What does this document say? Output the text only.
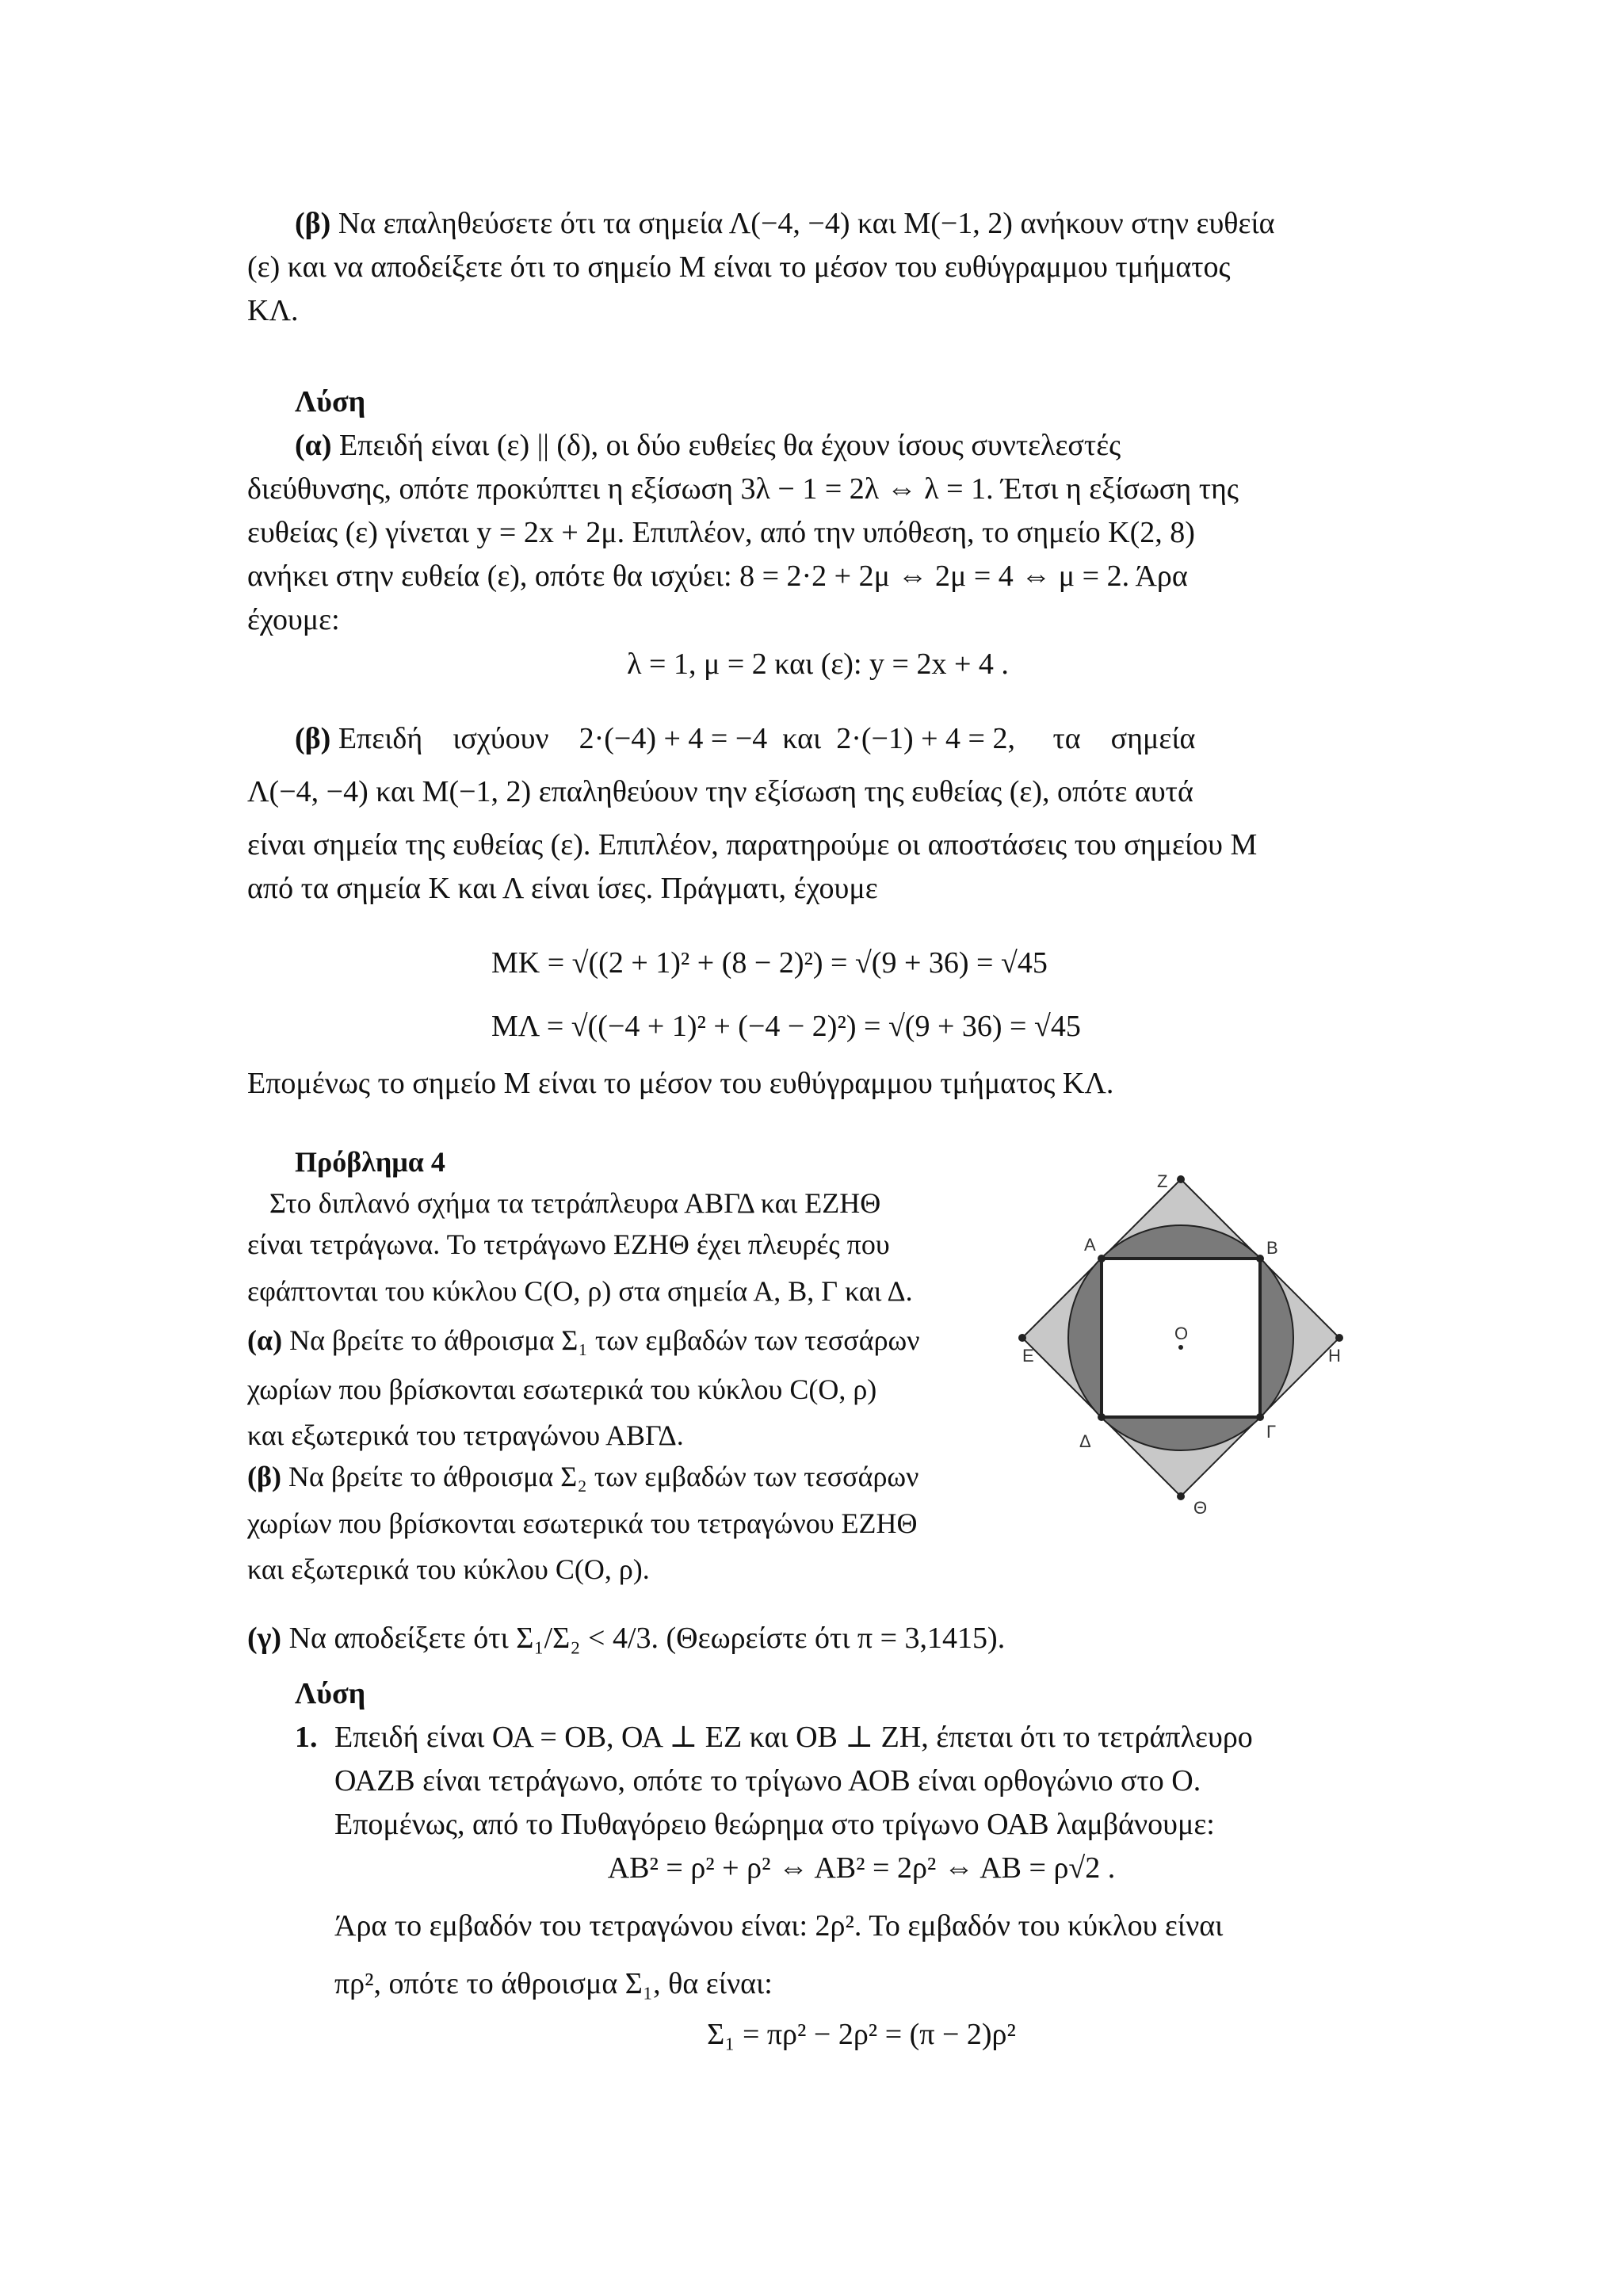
(β) Να επαληθεύσετε ότι τα σημεία Λ(−4, −4) και Μ(−1, 2) ανήκουν στην ευθεία

(ε) και να αποδείξετε ότι το σημείο Μ είναι το μέσον του ευθύγραμμου τμήματος

ΚΛ.

Λύση

(α) Επειδή είναι (ε) || (δ), οι δύο ευθείες θα έχουν ίσους συντελεστές

διεύθυνσης, οπότε προκύπτει η εξίσωση 3λ − 1 = 2λ ⇔ λ = 1. Έτσι η εξίσωση της

ευθείας (ε) γίνεται y = 2x + 2μ. Επιπλέον, από την υπόθεση, το σημείο Κ(2, 8)

ανήκει στην ευθεία (ε), οπότε θα ισχύει: 8 = 2·2 + 2μ ⇔ 2μ = 4 ⇔ μ = 2. Άρα

έχουμε:

λ = 1, μ = 2 και (ε): y = 2x + 4 .

(β) Επειδή    ισχύουν    2·(−4) + 4 = −4  και  2·(−1) + 4 = 2,     τα    σημεία

Λ(−4, −4) και Μ(−1, 2) επαληθεύουν την εξίσωση της ευθείας (ε), οπότε αυτά

είναι σημεία της ευθείας (ε). Επιπλέον, παρατηρούμε οι αποστάσεις του σημείου Μ

από τα σημεία Κ και Λ είναι ίσες. Πράγματι, έχουμε

ΜΚ = √((2 + 1)² + (8 − 2)²) = √(9 + 36) = √45

ΜΛ = √((−4 + 1)² + (−4 − 2)²) = √(9 + 36) = √45

Επομένως το σημείο Μ είναι το μέσον του ευθύγραμμου τμήματος ΚΛ.

Πρόβλημα 4

Στο διπλανό σχήμα τα τετράπλευρα ΑΒΓΔ και ΕΖΗΘ

είναι τετράγωνα. Το τετράγωνο ΕΖΗΘ έχει πλευρές που

εφάπτονται του κύκλου C(Ο, ρ) στα σημεία Α, Β, Γ και Δ.

(α) Να βρείτε το άθροισμα Σ₁ των εμβαδών των τεσσάρων

χωρίων που βρίσκονται εσωτερικά του κύκλου C(Ο, ρ)

και εξωτερικά του τετραγώνου ΑΒΓΔ.

(β) Να βρείτε το άθροισμα Σ₂ των εμβαδών των τεσσάρων

χωρίων που βρίσκονται εσωτερικά του τετραγώνου ΕΖΗΘ

και εξωτερικά του κύκλου C(Ο, ρ).

(γ) Να αποδείξετε ότι Σ₁/Σ₂ < 4/3. (Θεωρείστε ότι π = 3,1415).

Ζ
Α	Β
Ο
Ε	Η
Δ	Γ
Θ

Λύση

1. Επειδή είναι ΟΑ = ΟΒ, ΟΑ ⊥ ΕΖ και ΟΒ ⊥ ΖΗ, έπεται ότι το τετράπλευρο

ΟΑΖΒ είναι τετράγωνο, οπότε το τρίγωνο ΑΟΒ είναι ορθογώνιο στο Ο.

Επομένως, από το Πυθαγόρειο θεώρημα στο τρίγωνο ΟΑΒ λαμβάνουμε:

ΑΒ² = ρ² + ρ² ⇔ ΑΒ² = 2ρ² ⇔ ΑΒ = ρ√2 .

Άρα το εμβαδόν του τετραγώνου είναι: 2ρ². Το εμβαδόν του κύκλου είναι

πρ², οπότε το άθροισμα Σ₁, θα είναι:

Σ₁ = πρ² − 2ρ² = (π − 2)ρ²
